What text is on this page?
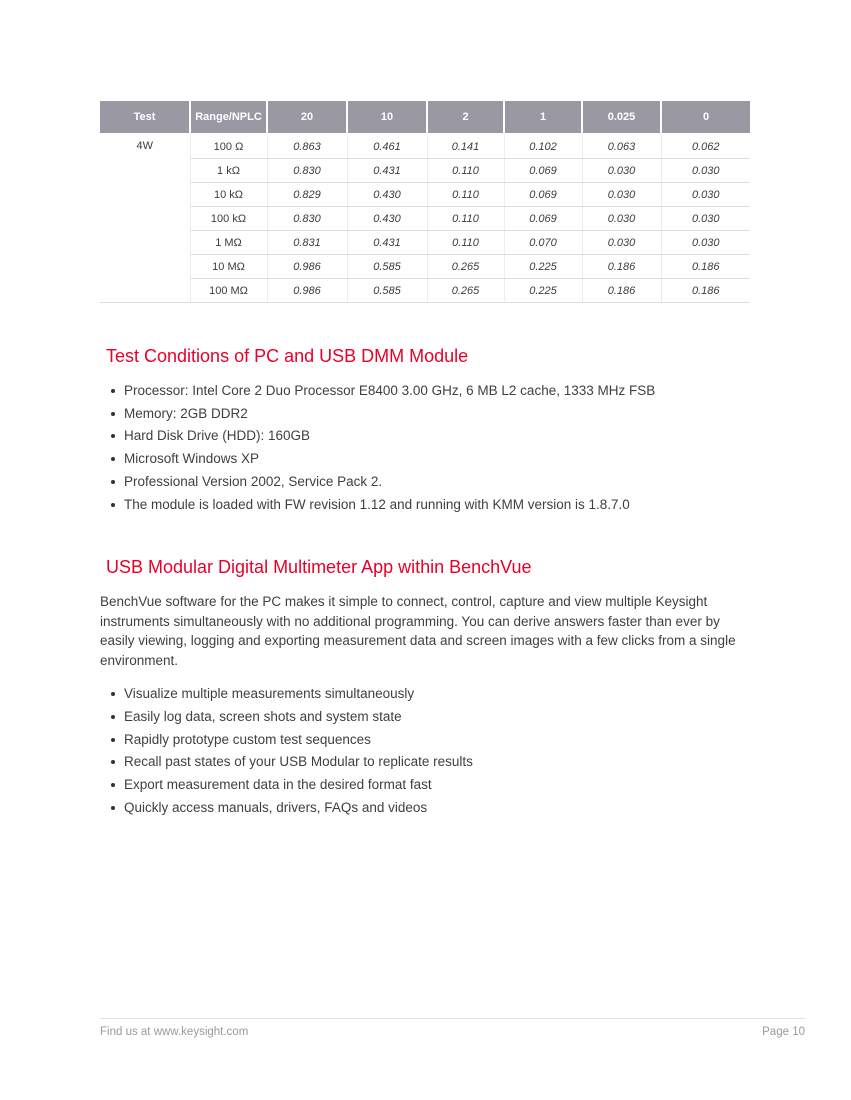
Test	Range/NPLC	20	10	2	1	0.025	0
4W	100 Ω	0.863	0.461	0.141	0.102	0.063	0.062
	1 kΩ	0.830	0.431	0.110	0.069	0.030	0.030
	10 kΩ	0.829	0.430	0.110	0.069	0.030	0.030
	100 kΩ	0.830	0.430	0.110	0.069	0.030	0.030
	1 MΩ	0.831	0.431	0.110	0.070	0.030	0.030
	10 MΩ	0.986	0.585	0.265	0.225	0.186	0.186
	100 MΩ	0.986	0.585	0.265	0.225	0.186	0.186
Test Conditions of PC and USB DMM Module
Processor: Intel Core 2 Duo Processor E8400 3.00 GHz, 6 MB L2 cache, 1333 MHz FSB
Memory: 2GB DDR2
Hard Disk Drive (HDD): 160GB
Microsoft Windows XP
Professional Version 2002, Service Pack 2.
The module is loaded with FW revision 1.12 and running with KMM version is 1.8.7.0
USB Modular Digital Multimeter App within BenchVue

BenchVue software for the PC makes it simple to connect, control, capture and view multiple Keysight instruments simultaneously with no additional programming. You can derive answers faster than ever by easily viewing, logging and exporting measurement data and screen images with a few clicks from a single environment.

Visualize multiple measurements simultaneously
Easily log data, screen shots and system state
Rapidly prototype custom test sequences
Recall past states of your USB Modular to replicate results
Export measurement data in the desired format fast
Quickly access manuals, drivers, FAQs and videos
Find us at www.keysight.com	Page 10
